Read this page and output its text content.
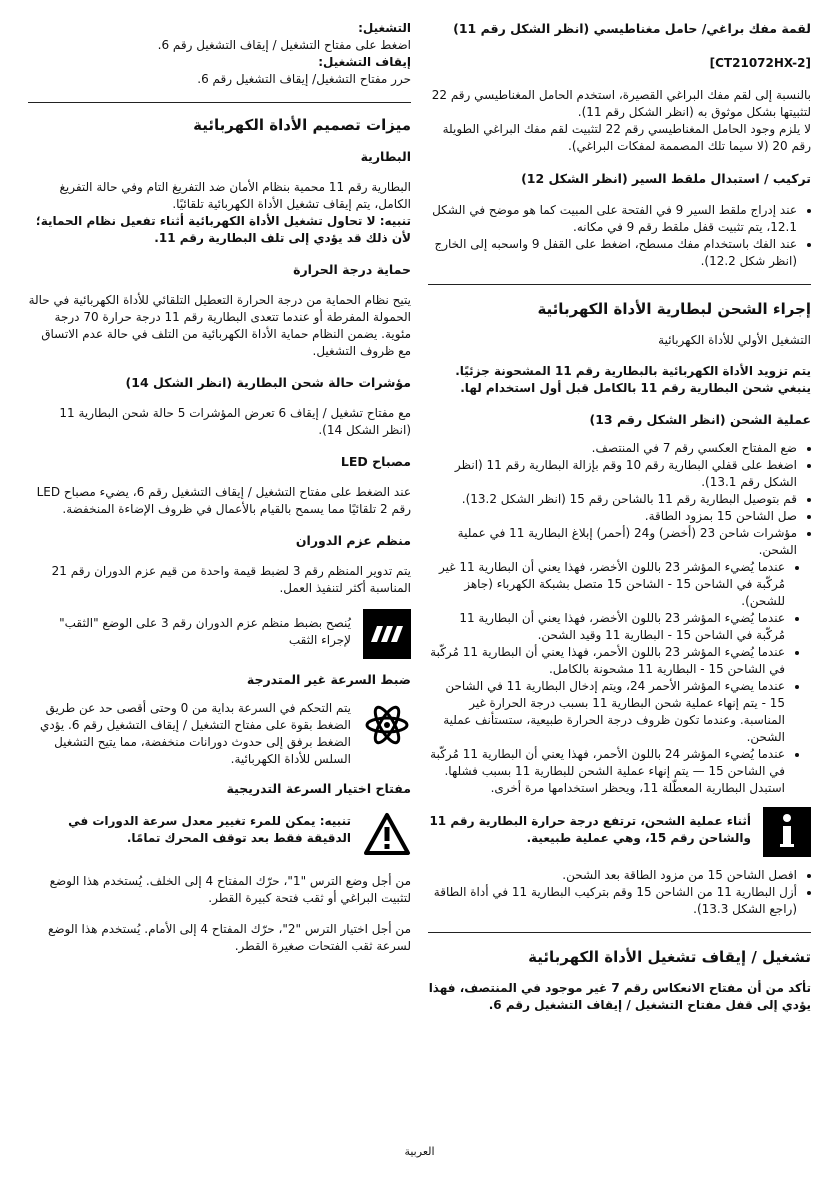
لقمة مفك براغي/ حامل مغناطيسي (انظر الشكل رقم 11)

[CT21072HX-2]

بالنسبة إلى لقم مفك البراغي القصيرة، استخدم الحامل المغناطيسي رقم 22 لتثبيتها بشكل موثوق به (انظر الشكل رقم 11).

لا يلزم وجود الحامل المغناطيسي رقم 22 لتثبيت لقم مفك البراغي الطويلة رقم 20 (لا سيما تلك المصممة لمفكات البراغي).

تركيب / استبدال ملقط السير (انظر الشكل 12)

• عند إدراج ملقط السير 9 في الفتحة على المبيت كما هو موضح في الشكل 12.1، يتم تثبيت قفل ملقط رقم 9 في مكانه.
• عند الفك باستخدام مفك مسطح، اضغط على القفل 9 واسحبه إلى الخارج (انظر شكل 12.2).

إجراء الشحن لبطارية الأداة الكهربائية

التشغيل الأولي للأداة الكهربائية

يتم تزويد الأداة الكهربائية بالبطارية رقم 11 المشحونة جزئيًا. ينبغي شحن البطارية رقم 11 بالكامل قبل أول استخدام لها.

عملية الشحن (انظر الشكل رقم 13)

• ضع المفتاح العكسي رقم 7 في المنتصف.
• اضغط على قفلي البطارية رقم 10 وقم بإزالة البطارية رقم 11 (انظر الشكل رقم 13.1).
• قم بتوصيل البطارية رقم 11 بالشاحن رقم 15 (انظر الشكل 13.2).
• صل الشاحن 15 بمزود الطاقة.
• مؤشرات شاحن 23 (أخضر) و24 (أحمر) إبلاغ البطارية 11 في عملية الشحن.
• عندما يُضيء المؤشر 23 باللون الأخضر، فهذا يعني أن البطارية 11 غير مُركّبة في الشاحن 15 - الشاحن 15 متصل بشبكة الكهرباء (جاهز للشحن).
• عندما يُضيء المؤشر 23 باللون الأخضر، فهذا يعني أن البطارية 11 مُركّبة في الشاحن 15 - البطارية 11 وقيد الشحن.
• عندما يُضيء المؤشر 23 باللون الأحمر، فهذا يعني أن البطارية 11 مُركّبة في الشاحن 15 - البطارية 11 مشحونة بالكامل.
• عندما يضيء المؤشر الأحمر 24، ويتم إدخال البطارية 11 في الشاحن 15 - يتم إنهاء عملية شحن البطارية 11 بسبب درجة الحرارة غير المناسبة. وعندما تكون ظروف درجة الحرارة طبيعية، ستستأنف عملية الشحن.
• عندما يُضيء المؤشر 24 باللون الأحمر، فهذا يعني أن البطارية 11 مُركّبة في الشاحن 15 — يتم إنهاء عملية الشحن للبطارية 11 بسبب فشلها. استبدل البطارية المعطّلة 11، ويحظر استخدامها مرة أخرى.

أثناء عملية الشحن، ترتفع درجة حرارة البطارية رقم 11 والشاحن رقم 15، وهي عملية طبيعية.

• افصل الشاحن 15 من مزود الطاقة بعد الشحن.
• أزل البطارية 11 من الشاحن 15 وقم بتركيب البطارية 11 في أداة الطاقة (راجع الشكل 13.3).

تشغيل / إيقاف تشغيل الأداة الكهربائية

تأكد من أن مفتاح الانعكاس رقم 7 غير موجود في المنتصف، فهذا يؤدي إلى قفل مفتاح التشغيل / إيقاف التشغيل رقم 6.

التشغيل:

اضغط على مفتاح التشغيل / إيقاف التشغيل رقم 6.

إيقاف التشغيل:

حرر مفتاح التشغيل/ إيقاف التشغيل رقم 6.

ميزات تصميم الأداة الكهربائية

البطارية

البطارية رقم 11 محمية بنظام الأمان ضد التفريغ التام وفي حالة التفريغ الكامل، يتم إيقاف تشغيل الأداة الكهربائية تلقائيًا.

تنبيه: لا تحاول تشغيل الأداة الكهربائية أثناء تفعيل نظام الحماية؛ لأن ذلك قد يؤدي إلى تلف البطارية رقم 11.

حماية درجة الحرارة

يتيح نظام الحماية من درجة الحرارة التعطيل التلقائي للأداة الكهربائية في حالة الحمولة المفرطة أو عندما تتعدى البطارية رقم 11 درجة حرارة 70 درجة مئوية. يضمن النظام حماية الأداة الكهربائية من التلف في حالة عدم الاتساق مع ظروف التشغيل.

مؤشرات حالة شحن البطارية (انظر الشكل 14)

مع مفتاح تشغيل / إيقاف 6 تعرض المؤشرات 5 حالة شحن البطارية 11 (انظر الشكل 14).

مصباح LED

عند الضغط على مفتاح التشغيل / إيقاف التشغيل رقم 6، يضيء مصباح LED رقم 2 تلقائيًا مما يسمح بالقيام بالأعمال في ظروف الإضاءة المنخفضة.

منظم عزم الدوران

يتم تدوير المنظم رقم 3 لضبط قيمة واحدة من قيم عزم الدوران رقم 21 المناسبة أكثر لتنفيذ العمل.

يُنصح بضبط منظم عزم الدوران رقم 3 على الوضع "الثقب" لإجراء الثقب

ضبط السرعة غير المتدرجة

يتم التحكم في السرعة بداية من 0 وحتى أقصى حد عن طريق الضغط بقوة على مفتاح التشغيل / إيقاف التشغيل رقم 6. يؤدي الضغط برفق إلى حدوث دورانات منخفضة، مما يتيح التشغيل السلس للأداة الكهربائية.

مفتاح اختيار السرعة التدريجية

تنبيه: يمكن للمرء تغيير معدل سرعة الدورات في الدقيقة فقط بعد توقف المحرك تمامًا.

من أجل وضع الترس "1"، حرّك المفتاح 4 إلى الخلف. يُستخدم هذا الوضع لتثبيت البراغي أو ثقب فتحة كبيرة القطر.

من أجل اختيار الترس "2"، حرّك المفتاح 4 إلى الأمام. يُستخدم هذا الوضع لسرعة ثقب الفتحات صغيرة القطر.

العربية
